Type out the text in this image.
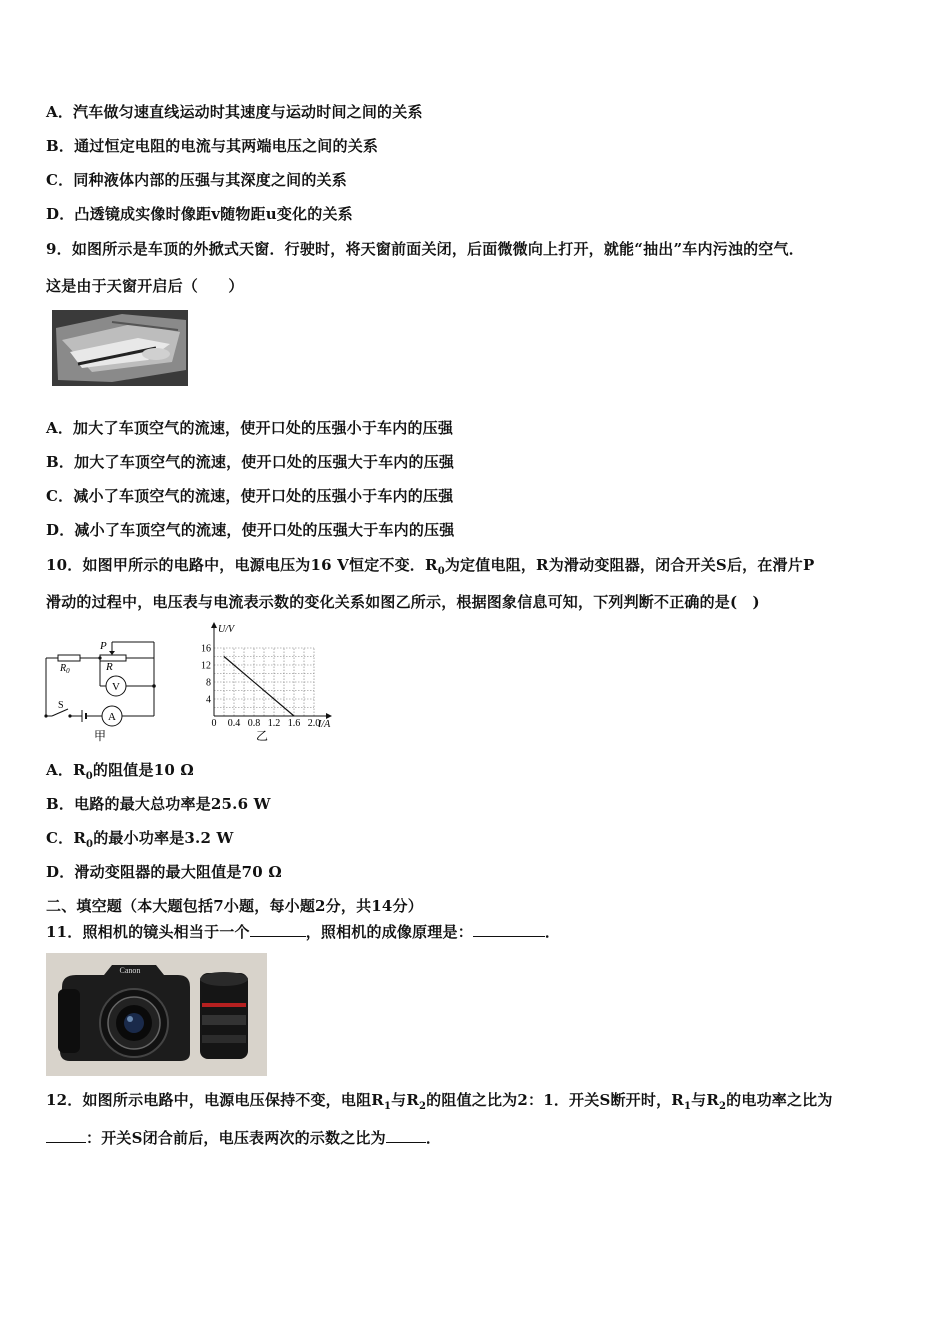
A．汽车做匀速直线运动时其速度与运动时间之间的关系
B．通过恒定电阻的电流与其两端电压之间的关系
C．同种液体内部的压强与其深度之间的关系
D．凸透镜成实像时像距v随物距u变化的关系
9．如图所示是车顶的外掀式天窗．行驶时，将天窗前面关闭，后面微微向上打开，就能“抽出”车内污浊的空气．
这是由于天窗开启后（　　）
A．加大了车顶空气的流速，使开口处的压强小于车内的压强
B．加大了车顶空气的流速，使开口处的压强大于车内的压强
C．减小了车顶空气的流速，使开口处的压强小于车内的压强
D．减小了车顶空气的流速，使开口处的压强大于车内的压强
10．如图甲所示的电路中，电源电压为16 V恒定不变．$R_0$为定值电阻，R为滑动变阻器，闭合开关S后，在滑片P
滑动的过程中，电压表与电流表示数的变化关系如图乙所示，根据图象信息可知，下列判断不正确的是(　)
$R_0$
P
R
V
A
S
甲
0 0.4 0.8 1.2 1.6 2.0
4
8
12
16
U/V
I/A
乙
A．$R_0$的阻值是10 Ω
B．电路的最大总功率是25.6 W
C．$R_0$的最小功率是3.2 W
D．滑动变阻器的最大阻值是70 Ω
二、填空题（本大题包括7小题，每小题2分，共14分）
11．照相机的镜头相当于一个	，照相机的成像原理是：	．
Canon
12．如图所示电路中，电源电压保持不变，电阻$R_1$与$R_2$的阻值之比为2：1．开关S断开时，$R_1$与$R_2$的电功率之比为
：开关S闭合前后，电压表两次的示数之比为	．
